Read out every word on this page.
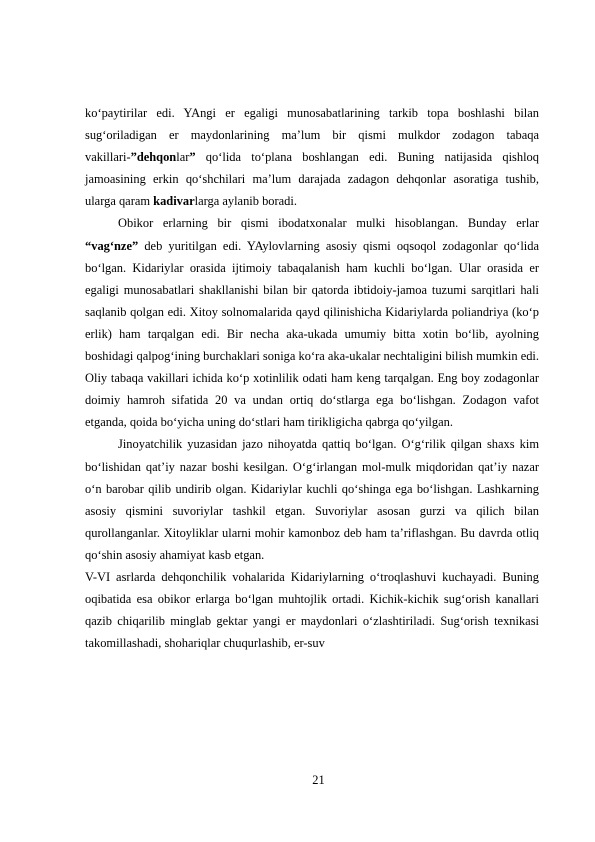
ko‘paytirilar edi. YAngi er egaligi munosabatlarining tarkib topa boshlashi bilan sug‘oriladigan er maydonlarining ma’lum bir qismi mulkdor zodagon tabaqa vakillari-”dehqonlar” qo‘lida to‘plana boshlangan edi. Buning natijasida qishloq jamoasining erkin qo‘shchilari ma’lum darajada zadagon dehqonlar asoratiga tushib, ularga qaram kadivarlarga aylanib boradi.

Obikor erlarning bir qismi ibodatxonalar mulki hisoblangan. Bunday erlar “vag‘nze” deb yuritilgan edi. YAylovlarning asosiy qismi oqsoqol zodagonlar qo‘lida bo‘lgan. Kidariylar orasida ijtimoiy tabaqalanish ham kuchli bo‘lgan. Ular orasida er egaligi munosabatlari shakllanishi bilan bir qatorda ibtidoiy-jamoa tuzumi sarqitlari hali saqlanib qolgan edi. Xitoy solnomalarida qayd qilinishicha Kidariylarda poliandriya (ko‘p erlik) ham tarqalgan edi. Bir necha aka-ukada umumiy bitta xotin bo‘lib, ayolning boshidagi qalpog‘ining burchaklari soniga ko‘ra aka-ukalar nechtaligini bilish mumkin edi. Oliy tabaqa vakillari ichida ko‘p xotinlilik odati ham keng tarqalgan. Eng boy zodagonlar doimiy hamroh sifatida 20 va undan ortiq do‘stlarga ega bo‘lishgan. Zodagon vafot etganda, qoida bo‘yicha uning do‘stlari ham tirikligicha qabrga qo‘yilgan.

Jinoyatchilik yuzasidan jazo nihoyatda qattiq bo‘lgan. O‘g‘rilik qilgan shaxs kim bo‘lishidan qat’iy nazar boshi kesilgan. O‘g‘irlangan mol-mulk miqdoridan qat’iy nazar o‘n barobar qilib undirib olgan. Kidariylar kuchli qo‘shinga ega bo‘lishgan. Lashkarning asosiy qismini suvoriylar tashkil etgan. Suvoriylar asosan gurzi va qilich bilan qurollanganlar. Xitoyliklar ularni mohir kamonboz deb ham ta’riflashgan. Bu davrda otliq qo‘shin asosiy ahamiyat kasb etgan.

V-VI asrlarda dehqonchilik vohalarida Kidariylarning o‘troqlashuvi kuchayadi. Buning oqibatida esa obikor erlarga bo‘lgan muhtojlik ortadi. Kichik-kichik sug‘orish kanallari qazib chiqarilib minglab gektar yangi er maydonlari o‘zlashtiriladi. Sug‘orish texnikasi takomillashadi, shohariqlar chuqurlashib, er-suv

21
